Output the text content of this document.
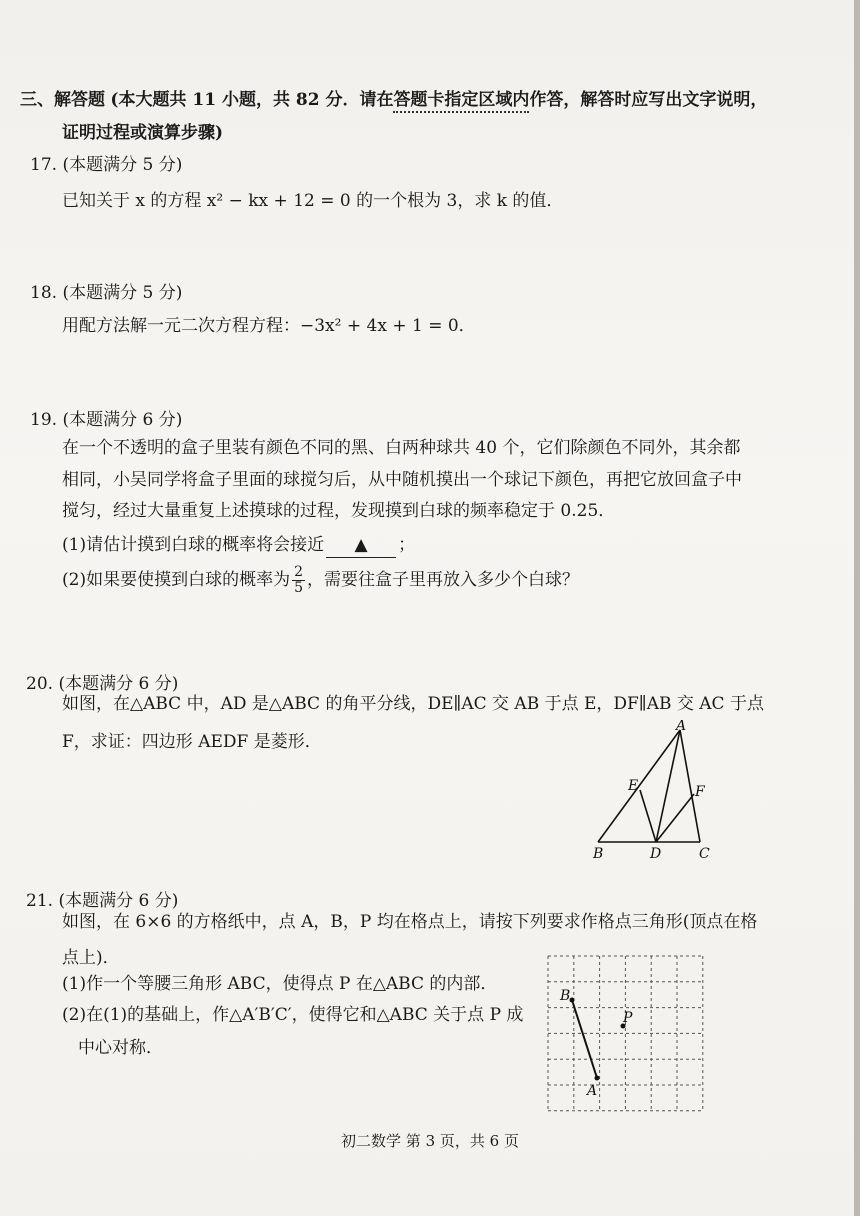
三、解答题 (本大题共 11 小题，共 82 分．请在答题卡指定区域内作答，解答时应写出文字说明，
证明过程或演算步骤)
17. (本题满分 5 分)
已知关于 x 的方程 x² − kx + 12 = 0 的一个根为 3，求 k 的值．
18. (本题满分 5 分)
用配方法解一元二次方程方程：−3x² + 4x + 1 = 0．
19. (本题满分 6 分)
在一个不透明的盒子里装有颜色不同的黑、白两种球共 40 个，它们除颜色不同外，其余都
相同，小吴同学将盒子里面的球搅匀后，从中随机摸出一个球记下颜色，再把它放回盒子中
搅匀，经过大量重复上述摸球的过程，发现摸到白球的频率稳定于 0.25．
(1)请估计摸到白球的概率将会接近 ▲ ；
(2)如果要使摸到白球的概率为 $\frac{2}{5}$ ，需要往盒子里再放入多少个白球？
20. (本题满分 6 分)
如图，在△ABC 中，AD 是△ABC 的角平分线，DE∥AC 交 AB 于点 E，DF∥AB 交 AC 于点
F，求证：四边形 AEDF 是菱形．
A
B	C
D
E	F
21. (本题满分 6 分)
如图，在 6×6 的方格纸中，点 A，B，P 均在格点上，请按下列要求作格点三角形(顶点在格
点上)．
(1)作一个等腰三角形 ABC，使得点 P 在△ABC 的内部．
(2)在(1)的基础上，作△A′B′C′，使得它和△ABC 关于点 P 成
中心对称．
B
A
P
初二数学 第 3 页，共 6 页
